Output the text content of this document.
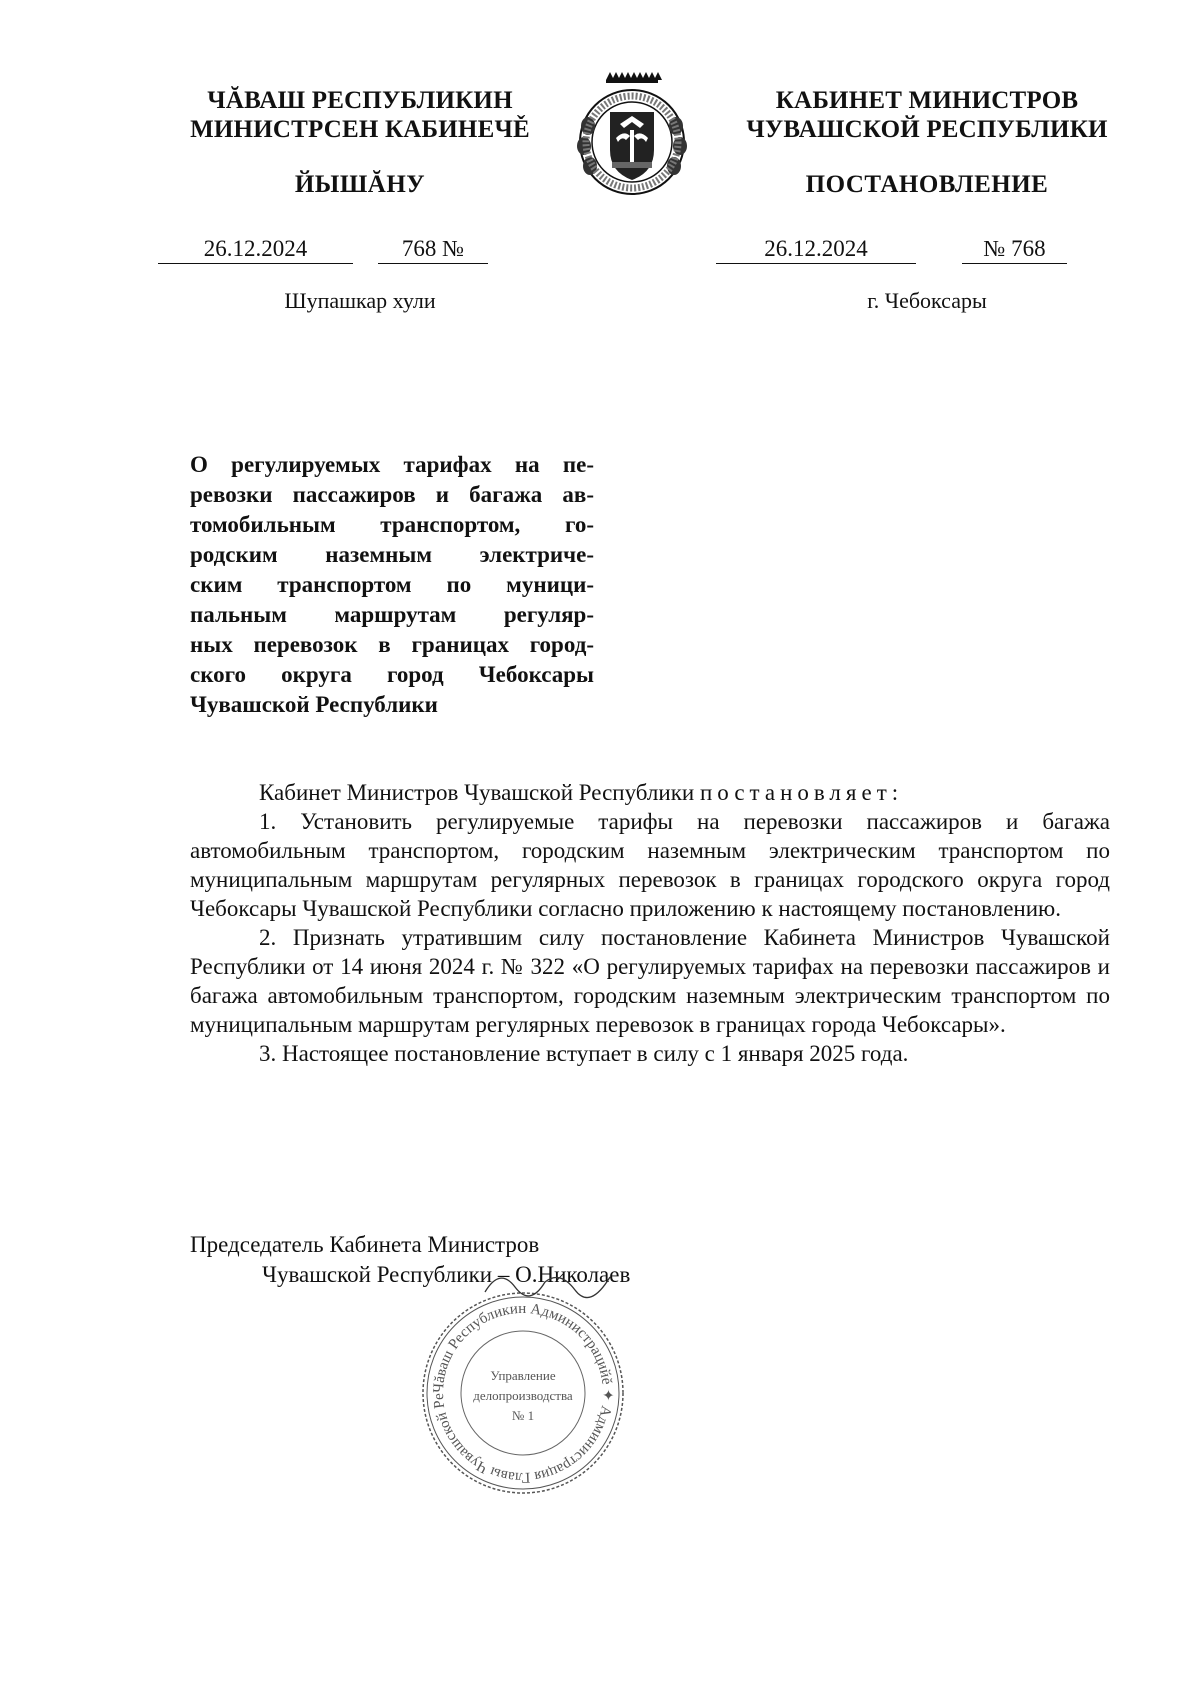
ЧĂВАШ РЕСПУБЛИКИН
МИНИСТРСЕН КАБИНЕЧĚ
ЙЫШĂНУ
26.12.2024	768 №
Шупашкар хули
КАБИНЕТ МИНИСТРОВ
ЧУВАШСКОЙ РЕСПУБЛИКИ
ПОСТАНОВЛЕНИЕ
26.12.2024	№ 768
г. Чебоксары
О регулируемых тарифах на пе-
ревозки пассажиров и багажа ав-
томобильным транспортом, го-
родским наземным электриче-
ским транспортом по муници-
пальным маршрутам регуляр-
ных перевозок в границах город-
ского округа город Чебоксары
Чувашской Республики

Кабинет Министров Чувашской Республики постановляет:

1. Установить регулируемые тарифы на перевозки пассажиров и багажа автомобильным транспортом, городским наземным электрическим транспортом по муниципальным маршрутам регулярных перевозок в границах городского округа город Чебоксары Чувашской Республики согласно приложению к настоящему постановлению.

2. Признать утратившим силу постановление Кабинета Министров Чувашской Республики от 14 июня 2024 г. № 322 «О регулируемых тарифах на перевозки пассажиров и багажа автомобильным транспортом, городским наземным электрическим транспортом по муниципальным маршрутам регулярных перевозок в границах города Чебоксары».

3. Настоящее постановление вступает в силу с 1 января 2025 года.

Председатель Кабинета Министров
Чувашской Республики – О.Николаев
Чăваш Республикин Администрацийĕ ✦ Администрация Главы Чувашской Ре
Управление
делопроизводства
№ 1
